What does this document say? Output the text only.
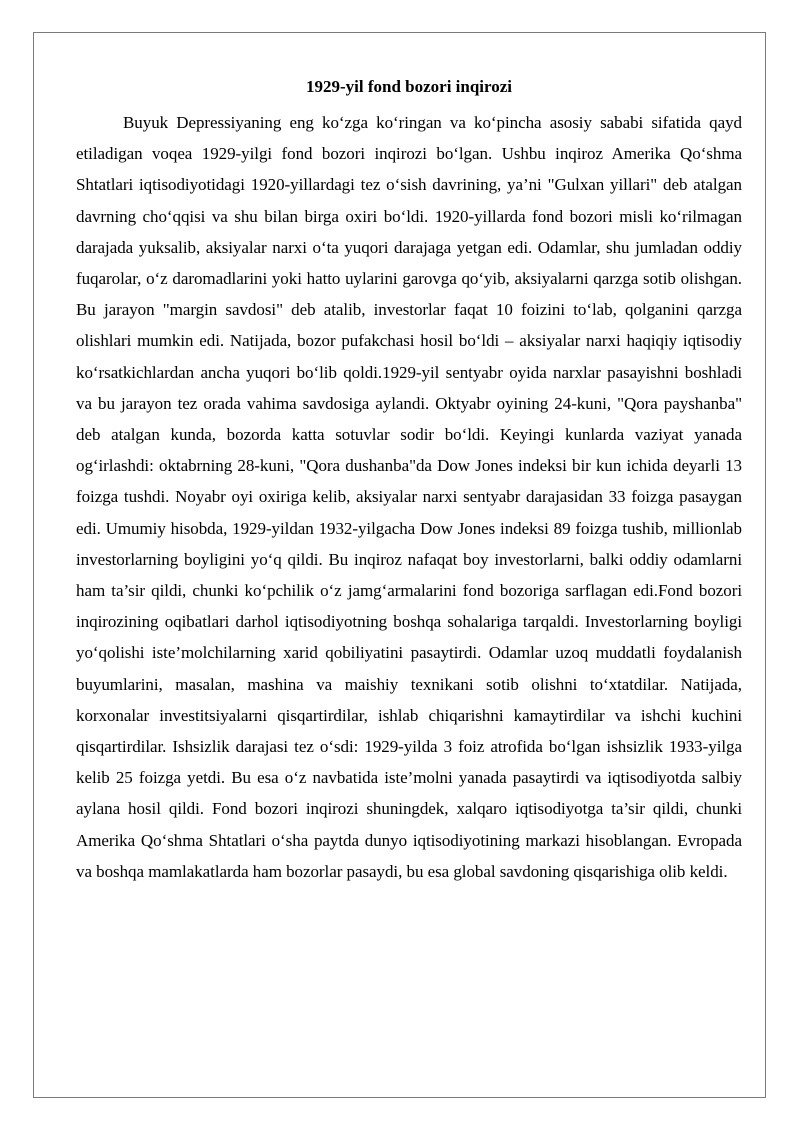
1929-yil fond bozori inqirozi

Buyuk Depressiyaning eng ko‘zga ko‘ringan va ko‘pincha asosiy sababi sifatida qayd etiladigan voqea 1929-yilgi fond bozori inqirozi bo‘lgan. Ushbu inqiroz Amerika Qo‘shma Shtatlari iqtisodiyotidagi 1920-yillardagi tez o‘sish davrining, ya’ni "Gulxan yillari" deb atalgan davrning cho‘qqisi va shu bilan birga oxiri bo‘ldi. 1920-yillarda fond bozori misli ko‘rilmagan darajada yuksalib, aksiyalar narxi o‘ta yuqori darajaga yetgan edi. Odamlar, shu jumladan oddiy fuqarolar, o‘z daromadlarini yoki hatto uylarini garovga qo‘yib, aksiyalarni qarzga sotib olishgan. Bu jarayon "margin savdosi" deb atalib, investorlar faqat 10 foizini to‘lab, qolganini qarzga olishlari mumkin edi. Natijada, bozor pufakchasi hosil bo‘ldi – aksiyalar narxi haqiqiy iqtisodiy ko‘rsatkichlardan ancha yuqori bo‘lib qoldi.1929-yil sentyabr oyida narxlar pasayishni boshladi va bu jarayon tez orada vahima savdosiga aylandi. Oktyabr oyining 24-kuni, "Qora payshanba" deb atalgan kunda, bozorda katta sotuvlar sodir bo‘ldi. Keyingi kunlarda vaziyat yanada og‘irlashdi: oktabrning 28-kuni, "Qora dushanba"da Dow Jones indeksi bir kun ichida deyarli 13 foizga tushdi. Noyabr oyi oxiriga kelib, aksiyalar narxi sentyabr darajasidan 33 foizga pasaygan edi. Umumiy hisobda, 1929-yildan 1932-yilgacha Dow Jones indeksi 89 foizga tushib, millionlab investorlarning boyligini yo‘q qildi. Bu inqiroz nafaqat boy investorlarni, balki oddiy odamlarni ham ta’sir qildi, chunki ko‘pchilik o‘z jamg‘armalarini fond bozoriga sarflagan edi.Fond bozori inqirozining oqibatlari darhol iqtisodiyotning boshqa sohalariga tarqaldi. Investorlarning boyligi yo‘qolishi iste’molchilarning xarid qobiliyatini pasaytirdi. Odamlar uzoq muddatli foydalanish buyumlarini, masalan, mashina va maishiy texnikani sotib olishni to‘xtatdilar. Natijada, korxonalar investitsiyalarni qisqartirdilar, ishlab chiqarishni kamaytirdilar va ishchi kuchini qisqartirdilar. Ishsizlik darajasi tez o‘sdi: 1929-yilda 3 foiz atrofida bo‘lgan ishsizlik 1933-yilga kelib 25 foizga yetdi. Bu esa o‘z navbatida iste’molni yanada pasaytirdi va iqtisodiyotda salbiy aylana hosil qildi. Fond bozori inqirozi shuningdek, xalqaro iqtisodiyotga ta’sir qildi, chunki Amerika Qo‘shma Shtatlari o‘sha paytda dunyo iqtisodiyotining markazi hisoblangan. Evropada va boshqa mamlakatlarda ham bozorlar pasaydi, bu esa global savdoning qisqarishiga olib keldi.
